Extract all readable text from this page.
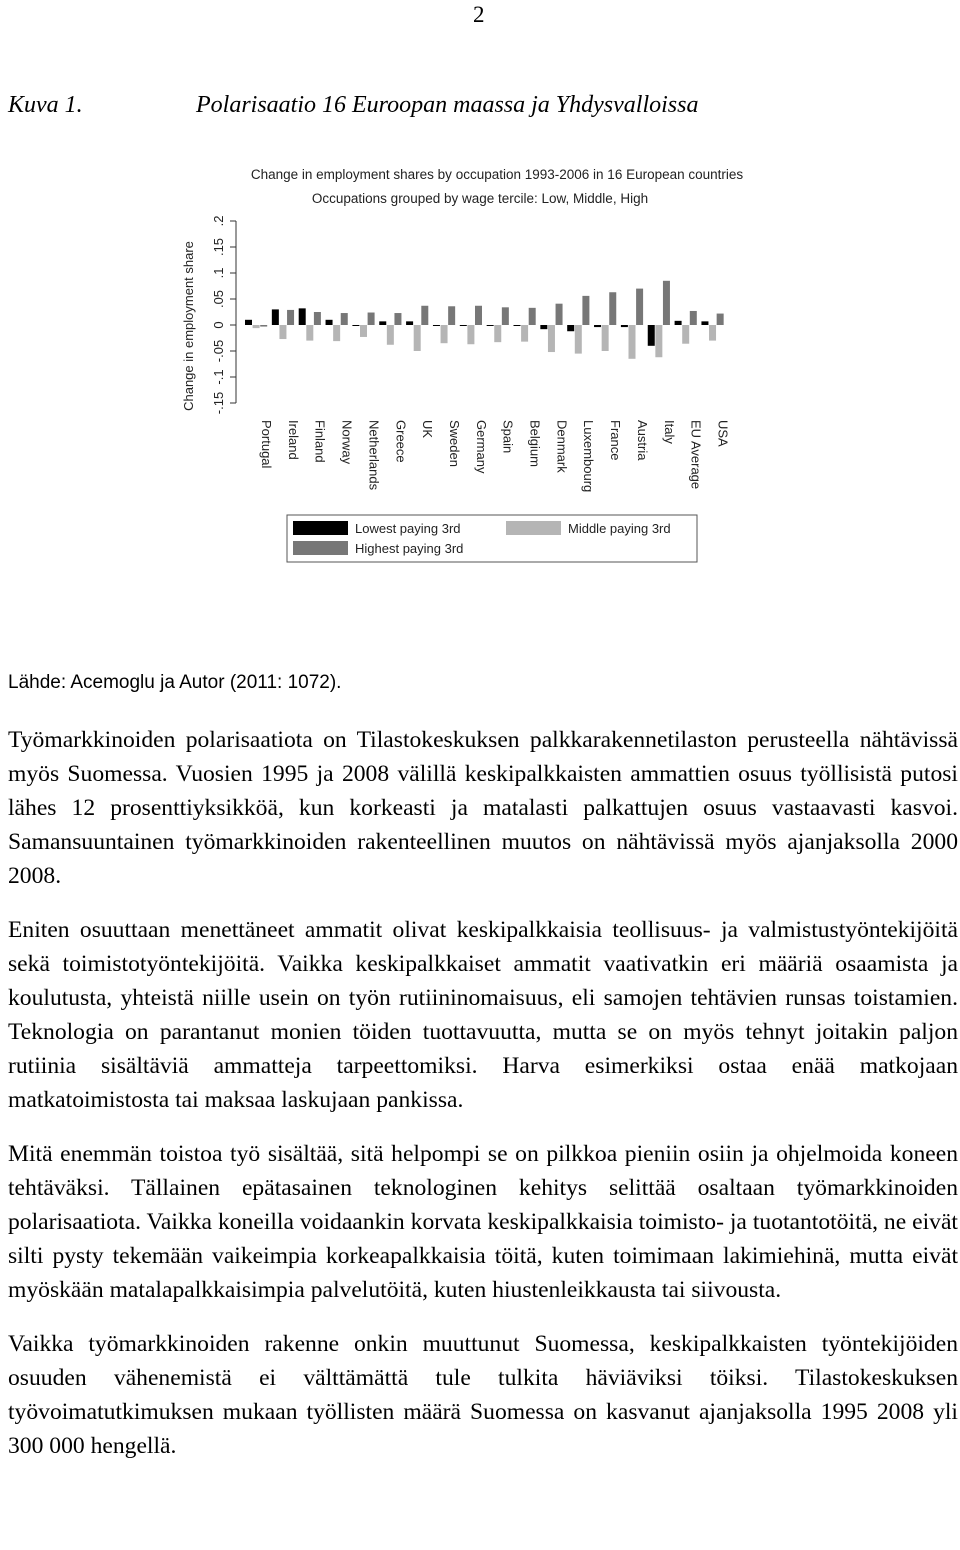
2
Kuva 1.	Polarisaatio 16 Euroopan maassa ja Yhdysvalloissa
Change in employment shares by occupation 1993-2006 in 16 European countries
Occupations grouped by wage tercile: Low, Middle, High
Change in employment share -.15
-.1
-.05
0
.05
.1
.15
.2
Portugal Ireland Finland Norway Netherlands Greece UK Sweden Germany Spain Belgium Denmark Luxembourg France Austria Italy EU Average USA
Lowest paying 3rd	Middle paying 3rd
Highest paying 3rd
Lähde: Acemoglu ja Autor (2011: 1072).

Työmarkkinoiden polarisaatiota on Tilastokeskuksen palkkarakennetilaston perusteella nähtävissä myös Suomessa. Vuosien 1995 ja 2008 välillä keskipalkkaisten ammattien osuus työllisistä putosi lähes 12 prosenttiyksikköä, kun korkeasti ja matalasti palkattujen osuus vastaavasti kasvoi. Samansuuntainen työmarkkinoiden rakenteellinen muutos on nähtävissä myös ajanjaksolla 2000 2008.

Eniten osuuttaan menettäneet ammatit olivat keskipalkkaisia teollisuus- ja valmistustyöntekijöitä sekä toimistotyöntekijöitä. Vaikka keskipalkkaiset ammatit vaativatkin eri määriä osaamista ja koulutusta, yhteistä niille usein on työn rutiininomaisuus, eli samojen tehtävien runsas toistamien. Teknologia on parantanut monien töiden tuottavuutta, mutta se on myös tehnyt joitakin paljon rutiinia sisältäviä ammatteja tarpeettomiksi. Harva esimerkiksi ostaa enää matkojaan matkatoimistosta tai maksaa laskujaan pankissa.

Mitä enemmän toistoa työ sisältää, sitä helpompi se on pilkkoa pieniin osiin ja ohjelmoida koneen tehtäväksi. Tällainen epätasainen teknologinen kehitys selittää osaltaan työmarkkinoiden polarisaatiota. Vaikka koneilla voidaankin korvata keskipalkkaisia toimisto- ja tuotantotöitä, ne eivät silti pysty tekemään vaikeimpia korkeapalkkaisia töitä, kuten toimimaan lakimiehinä, mutta eivät myöskään matalapalkkaisimpia palvelutöitä, kuten hiustenleikkausta tai siivousta.

Vaikka työmarkkinoiden rakenne onkin muuttunut Suomessa, keskipalkkaisten työntekijöiden osuuden vähenemistä ei välttämättä tule tulkita häviäviksi töiksi. Tilastokeskuksen työvoimatutkimuksen mukaan työllisten määrä Suomessa on kasvanut ajanjaksolla 1995 2008 yli 300 000 hengellä.
